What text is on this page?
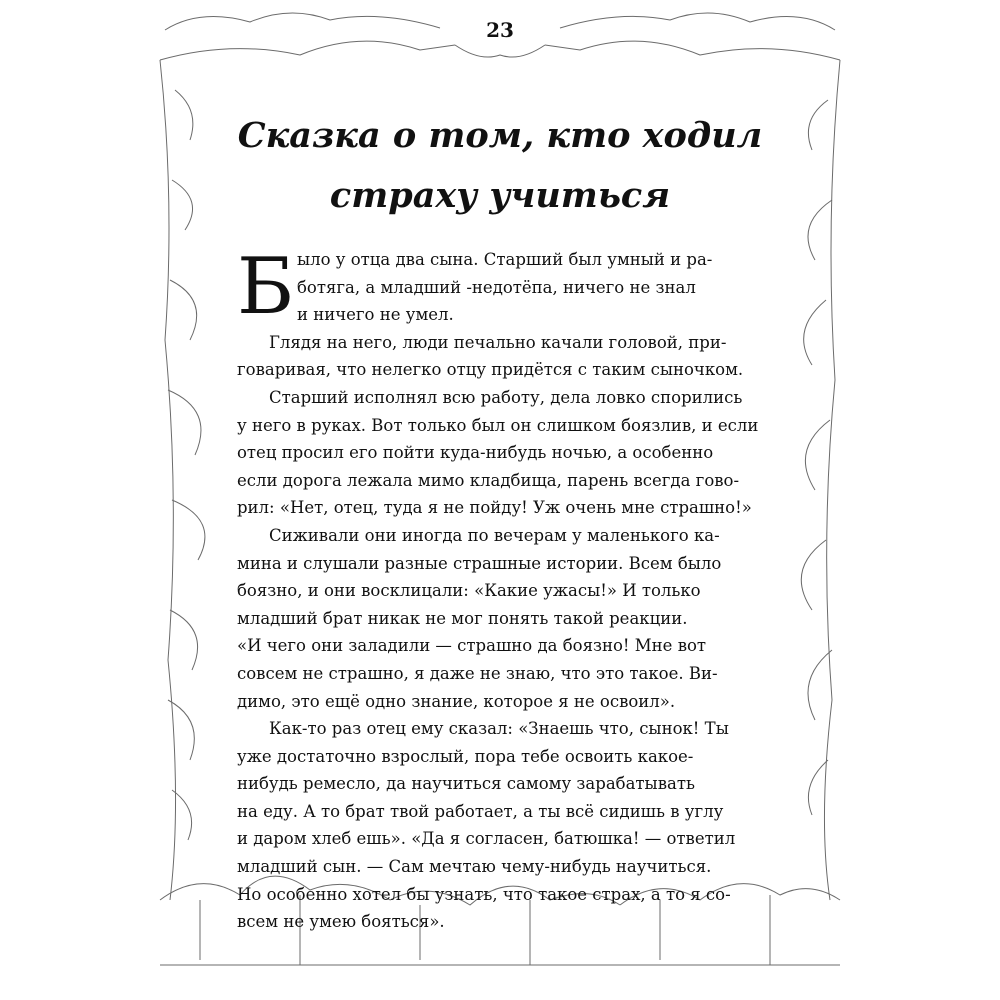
23
Сказка о том, кто ходил
страху учиться
Б ыло у отца два сына. Старший был умный и ра-
ботяга, а младший -недотёпа, ничего не знал
и ничего не умел.
Глядя на него, люди печально качали головой, при-
говаривая, что нелегко отцу придётся с таким сыночком.
Старший исполнял всю работу, дела ловко спорились
у него в руках. Вот только был он слишком боязлив, и если
отец просил его пойти куда-нибудь ночью, а особенно
если дорога лежала мимо кладбища, парень всегда гово-
рил: «Нет, отец, туда я не пойду! Уж очень мне страшно!»
Сиживали они иногда по вечерам у маленького ка-
мина и слушали разные страшные истории. Всем было
боязно, и они восклицали: «Какие ужасы!» И только
младший брат никак не мог понять такой реакции.
«И чего они заладили — страшно да боязно! Мне вот
совсем не страшно, я даже не знаю, что это такое. Ви-
димо, это ещё одно знание, которое я не освоил».
Как-то раз отец ему сказал: «Знаешь что, сынок! Ты
уже достаточно взрослый, пора тебе освоить какое-
нибудь ремесло, да научиться самому зарабатывать
на еду. А то брат твой работает, а ты всё сидишь в углу
и даром хлеб ешь». «Да я согласен, батюшка! — ответил
младший сын. — Сам мечтаю чему-нибудь научиться.
Но особенно хотел бы узнать, что такое страх, а то я со-
всем не умею бояться».
